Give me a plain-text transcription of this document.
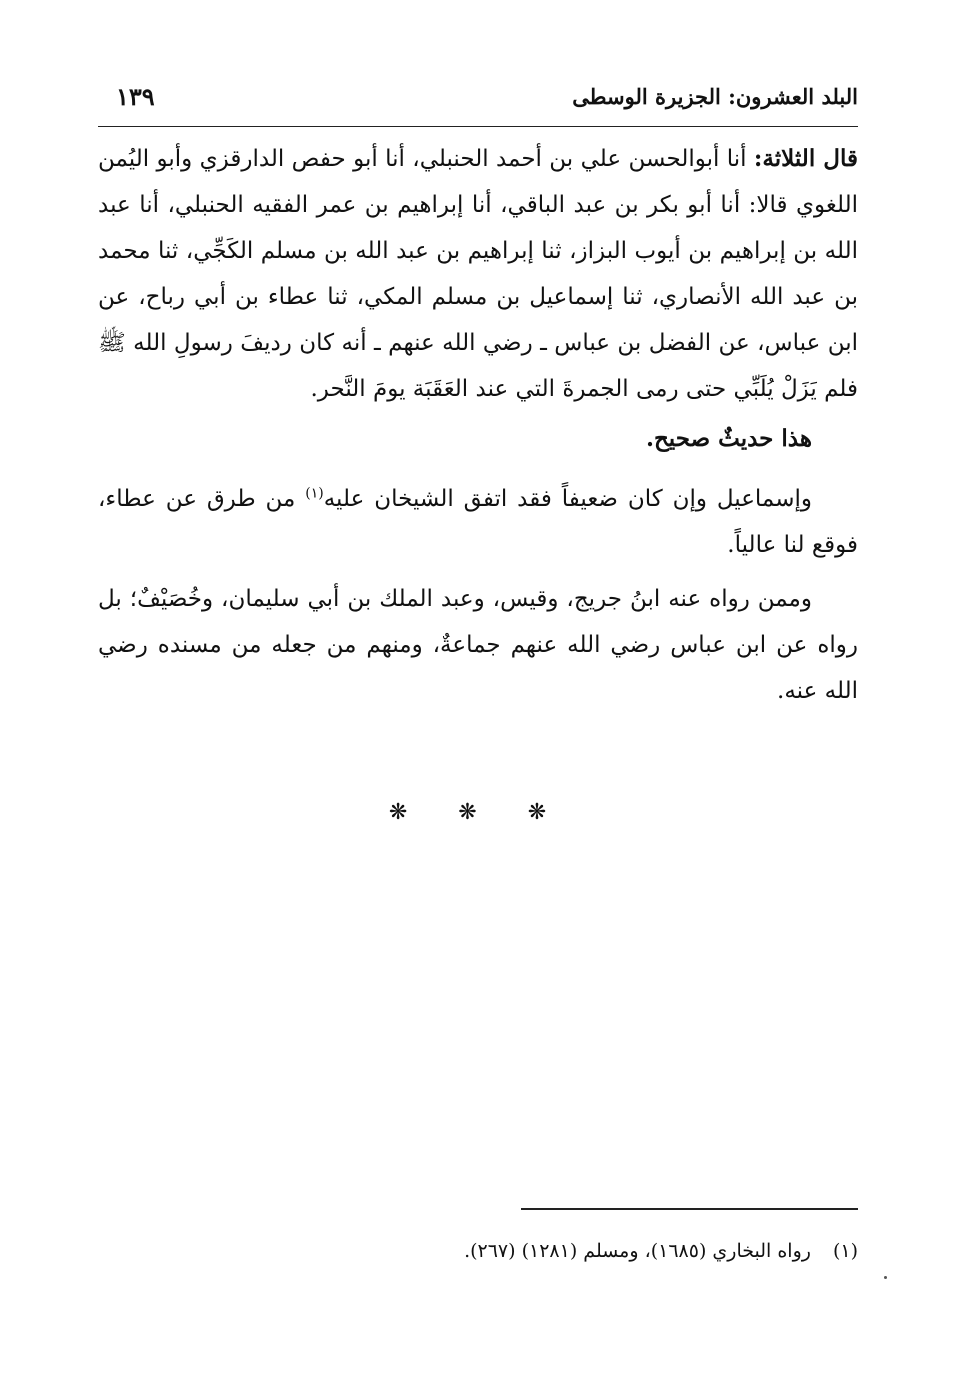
البلد العشرون: الجزيرة الوسطى
١٣٩

قال الثلاثة: أنا أبوالحسن علي بن أحمد الحنبلي، أنا أبو حفص الدارقزي وأبو اليُمن اللغوي قالا: أنا أبو بكر بن عبد الباقي، أنا إبراهيم بن عمر الفقيه الحنبلي، أنا عبد الله بن إبراهيم بن أيوب البزاز، ثنا إبراهيم بن عبد الله بن مسلم الكَجِّي، ثنا محمد بن عبد الله الأنصاري، ثنا إسماعيل بن مسلم المكي، ثنا عطاء بن أبي رباح، عن ابن عباس، عن الفضل بن عباس ـ رضي الله عنهم ـ أنه كان رديفَ رسولِ الله ﷺ فلم يَزَلْ يُلَبِّي حتى رمى الجمرةَ التي عند العَقَبَة يومَ النَّحر.

هذا حديثٌ صحيح.

وإسماعيل وإن كان ضعيفاً فقد اتفق الشيخان عليه$^{(١)}$ من طرق عن عطاء، فوقع لنا عالياً.

وممن رواه عنه ابنُ جريج، وقيس، وعبد الملك بن أبي سليمان، وخُصَيْفٌ؛ بل رواه عن ابن عباس رضي الله عنهم جماعةٌ، ومنهم من جعله من مسنده رضي الله عنه.

❋ ❋ ❋
(١)رواه البخاري (١٦٨٥)، ومسلم (١٢٨١) (٢٦٧).
